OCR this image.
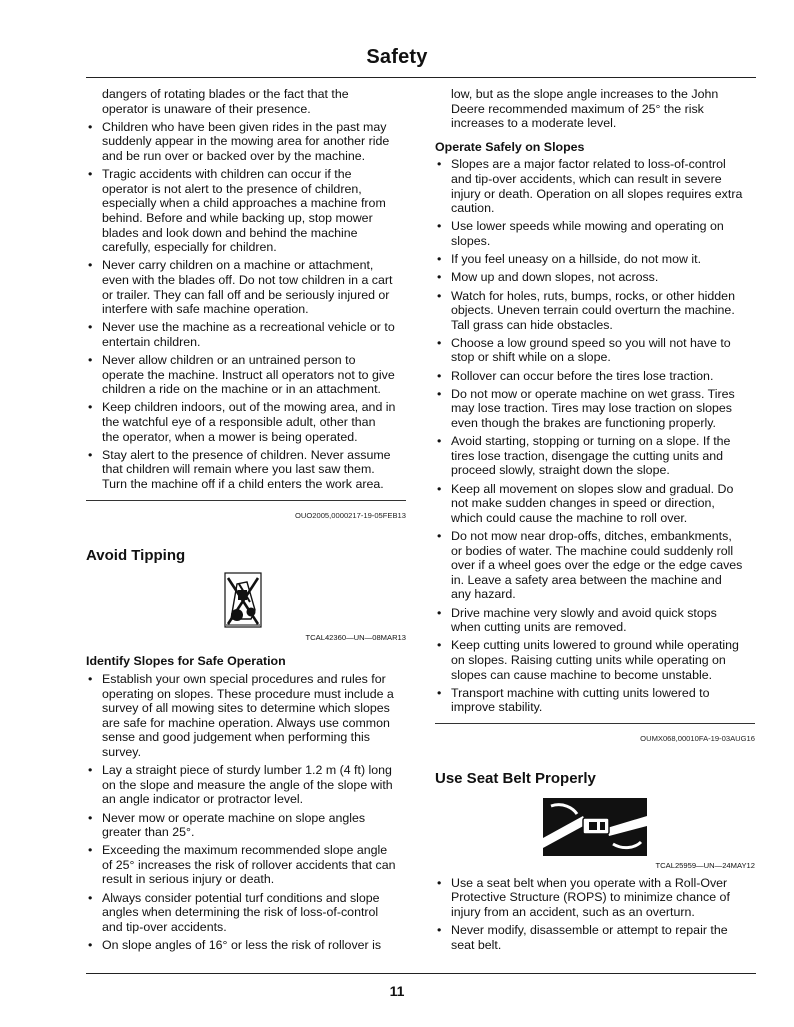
Safety
dangers of rotating blades or the fact that the
operator is unaware of their presence.
• Children who have been given rides in the past may
suddenly appear in the mowing area for another ride
and be run over or backed over by the machine.
• Tragic accidents with children can occur if the
operator is not alert to the presence of children,
especially when a child approaches a machine from
behind. Before and while backing up, stop mower
blades and look down and behind the machine
carefully, especially for children.
• Never carry children on a machine or attachment,
even with the blades off. Do not tow children in a cart
or trailer. They can fall off and be seriously injured or
interfere with safe machine operation.
• Never use the machine as a recreational vehicle or to
entertain children.
• Never allow children or an untrained person to
operate the machine. Instruct all operators not to give
children a ride on the machine or in an attachment.
• Keep children indoors, out of the mowing area, and in
the watchful eye of a responsible adult, other than
the operator, when a mower is being operated.
• Stay alert to the presence of children. Never assume
that children will remain where you last saw them.
Turn the machine off if a child enters the work area.
OUO2005,0000217-19-05FEB13
Avoid Tipping
TCAL42360—UN—08MAR13
Identify Slopes for Safe Operation
• Establish your own special procedures and rules for
operating on slopes. These procedure must include a
survey of all mowing sites to determine which slopes
are safe for machine operation. Always use common
sense and good judgement when performing this
survey.
• Lay a straight piece of sturdy lumber 1.2 m (4 ft) long
on the slope and measure the angle of the slope with
an angle indicator or protractor level.
• Never mow or operate machine on slope angles
greater than 25°.
• Exceeding the maximum recommended slope angle
of 25° increases the risk of rollover accidents that can
result in serious injury or death.
• Always consider potential turf conditions and slope
angles when determining the risk of loss-of-control
and tip-over accidents.
• On slope angles of 16° or less the risk of rollover is
low, but as the slope angle increases to the John
Deere recommended maximum of 25° the risk
increases to a moderate level.
Operate Safely on Slopes
• Slopes are a major factor related to loss-of-control
and tip-over accidents, which can result in severe
injury or death. Operation on all slopes requires extra
caution.
• Use lower speeds while mowing and operating on
slopes.
• If you feel uneasy on a hillside, do not mow it.
• Mow up and down slopes, not across.
• Watch for holes, ruts, bumps, rocks, or other hidden
objects. Uneven terrain could overturn the machine.
Tall grass can hide obstacles.
• Choose a low ground speed so you will not have to
stop or shift while on a slope.
• Rollover can occur before the tires lose traction.
• Do not mow or operate machine on wet grass. Tires
may lose traction. Tires may lose traction on slopes
even though the brakes are functioning properly.
• Avoid starting, stopping or turning on a slope. If the
tires lose traction, disengage the cutting units and
proceed slowly, straight down the slope.
• Keep all movement on slopes slow and gradual. Do
not make sudden changes in speed or direction,
which could cause the machine to roll over.
• Do not mow near drop-offs, ditches, embankments,
or bodies of water. The machine could suddenly roll
over if a wheel goes over the edge or the edge caves
in. Leave a safety area between the machine and
any hazard.
• Drive machine very slowly and avoid quick stops
when cutting units are removed.
• Keep cutting units lowered to ground while operating
on slopes. Raising cutting units while operating on
slopes can cause machine to become unstable.
• Transport machine with cutting units lowered to
improve stability.
OUMX068,00010FA-19-03AUG16
Use Seat Belt Properly
TCAL25959—UN—24MAY12
• Use a seat belt when you operate with a Roll-Over
Protective Structure (ROPS) to minimize chance of
injury from an accident, such as an overturn.
• Never modify, disassemble or attempt to repair the
seat belt.
11
